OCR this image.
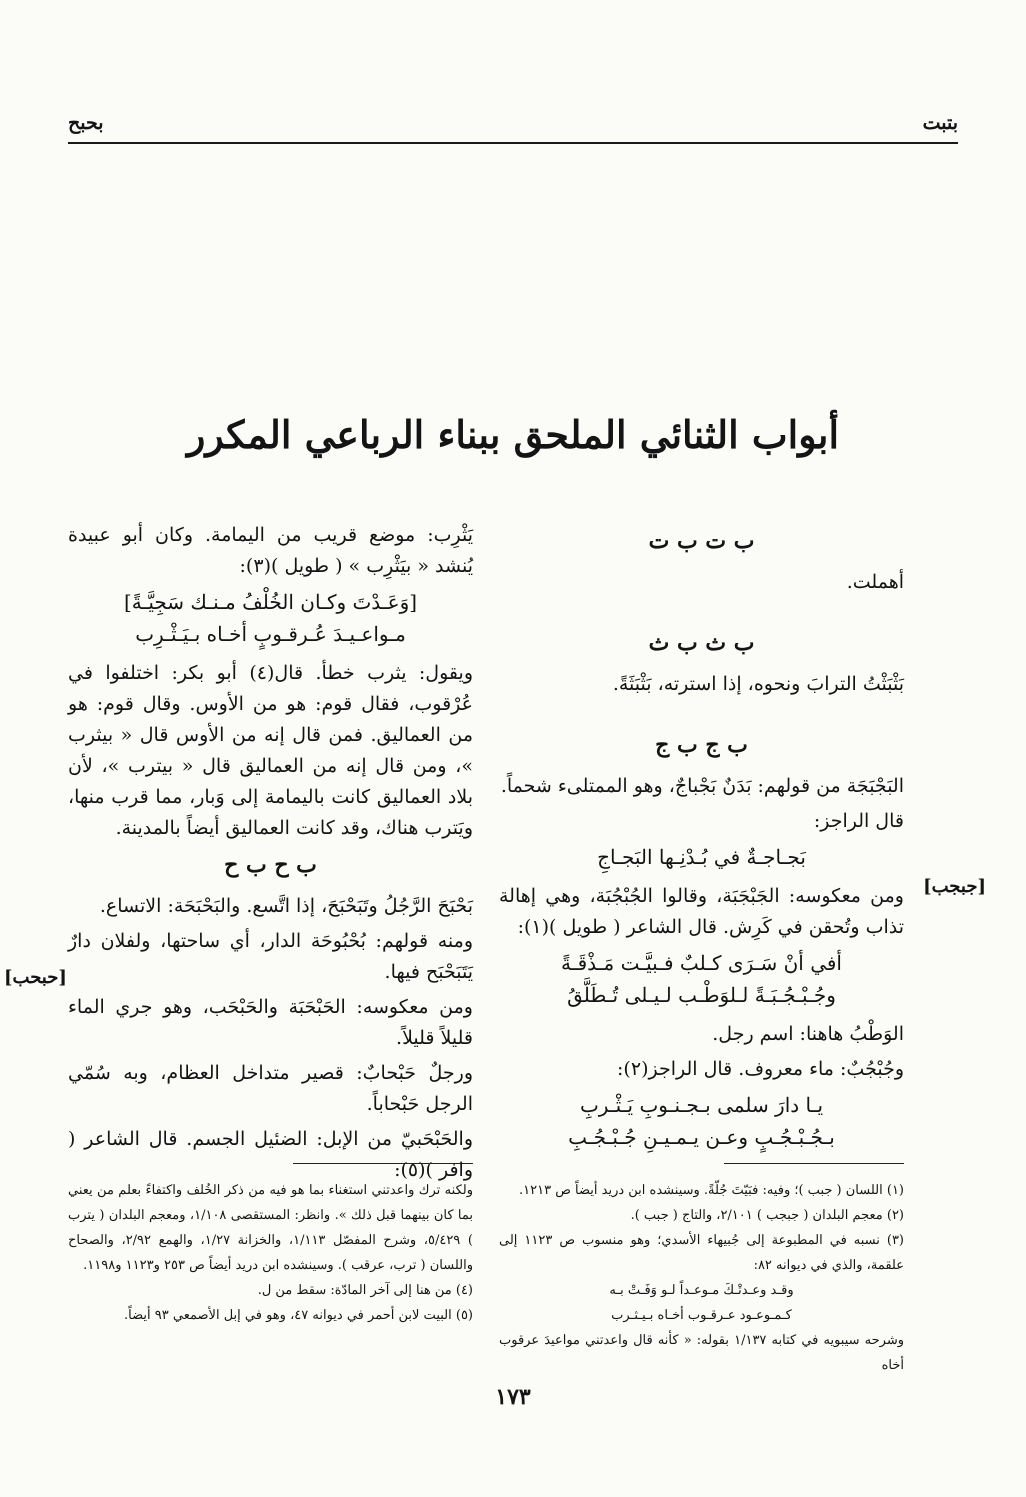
بتبت
بحبح
أبواب الثنائي الملحق ببناء الرباعي المكرر
ب ت ب ت

أهملت.

ب ث ب ث

بَثْبَثْتُ الترابَ ونحوه، إذا استرته، بَثْبَثَةً.

ب ج ب ج

البَجْبَجَة من قولهم: بَدَنٌ بَجْباجٌ، وهو الممتلىء شحماً.

قال الراجز:

بَجـاجـةٌ في بُـدْنِـها البَجـاجِ

ومن معكوسه: الجَبْجَبَة، وقالوا الجُبْجُبَة، وهي إهالة تذاب وتُحقن في كَرِش. قال الشاعر ( طويل )(١):

أفي أنْ سَـرَى كـلبٌ فـبيَّـت مَـذْقَـةً
وجُـبْـجُـبَـةً لـلوَطْـب لـيـلى تُـطَلَّقُ

الوَطْبُ هاهنا: اسم رجل.

وجُبْجُبٌ: ماء معروف. قال الراجز(٢):

يـا دارَ سلمى بـجـنـوبِ يَـثْـربِ
بـجُـبْـجُـبٍ وعـن يـمـيـنِ جُـبْـجُـبِ

يَثْرِب: موضع قريب من اليمامة. وكان أبو عبيدة يُنشد « بيَثْرِب » ( طويل )(٣):

[وَعَـدْتَ وكـان الخُلْفُ مـنـك سَجِيَّـةً]
مـواعـيـدَ عُـرقـوبٍ أخـاه بـيَـثْـرِب

ويقول: يثرب خطأ. قال(٤) أبو بكر: اختلفوا في عُرْقوب، فقال قوم: هو من الأوس. وقال قوم: هو من العماليق. فمن قال إنه من الأوس قال « بيثرب »، ومن قال إنه من العماليق قال « بيترب »، لأن بلاد العماليق كانت باليمامة إلى وَبار، مما قرب منها، ويَترب هناك، وقد كانت العماليق أيضاً بالمدينة.

ب ح ب ح

بَحْبَحَ الرَّجُلُ وتَبَحْبَحَ، إذا اتَّسع. والبَحْبَحَة: الاتساع.

ومنه قولهم: بُحْبُوحَة الدار، أي ساحتها، ولفلان دارٌ يَتَبَحْبَح فيها.

ومن معكوسه: الحَبْحَبَة والحَبْحَب، وهو جري الماء قليلاً قليلاً.

ورجلٌ حَبْحابٌ: قصير متداخل العظام، وبه سُمّي الرجل حَبْحاباً.

والحَبْحَبيّ من الإبل: الضئيل الجسم. قال الشاعر ( وافر )(٥):

[جبجب]
[حبحب]

(١) اللسان ( جبب )؛ وفيه: فبَيّتَ جُلّةً. وسينشده ابن دريد أيضاً ص ١٢١٣.

(٢) معجم البلدان ( جبجب ) ٢/١٠١، والتاج ( جبب ).

(٣) نسبه في المطبوعة إلى جُبيهاء الأسدي؛ وهو منسوب ص ١١٢٣ إلى علقمة، والذي في ديوانه ٨٢:

وقـد وعـدتْـكَ مـوعـداً لـو وَفَـتْ بـه

كـمـوعـود عـرقـوب أخـاه بـيـثـرب

وشرحه سيبويه في كتابه ١/١٣٧ بقوله: « كأنه قال واعدتني مواعيدَ عرقوب أخاه

ولكنه ترك واعدتني استغناء بما هو فيه من ذكر الخُلف واكتفاءً بعلم من يعني بما كان بينهما قبل ذلك ». وانظر: المستقصى ١/١٠٨، ومعجم البلدان ( يترب ) ٥/٤٢٩، وشرح المفصّل ١/١١٣، والخزانة ١/٢٧، والهمع ٢/٩٢، والصحاح واللسان ( ترب، عرقب ). وسينشده ابن دريد أيضاً ص ٢٥٣ و١١٢٣ و١١٩٨.

(٤) من هنا إلى آخر المادّة: سقط من ل.

(٥) البيت لابن أحمر في ديوانه ٤٧، وهو في إبل الأصمعي ٩٣ أيضاً.

١٧٣
